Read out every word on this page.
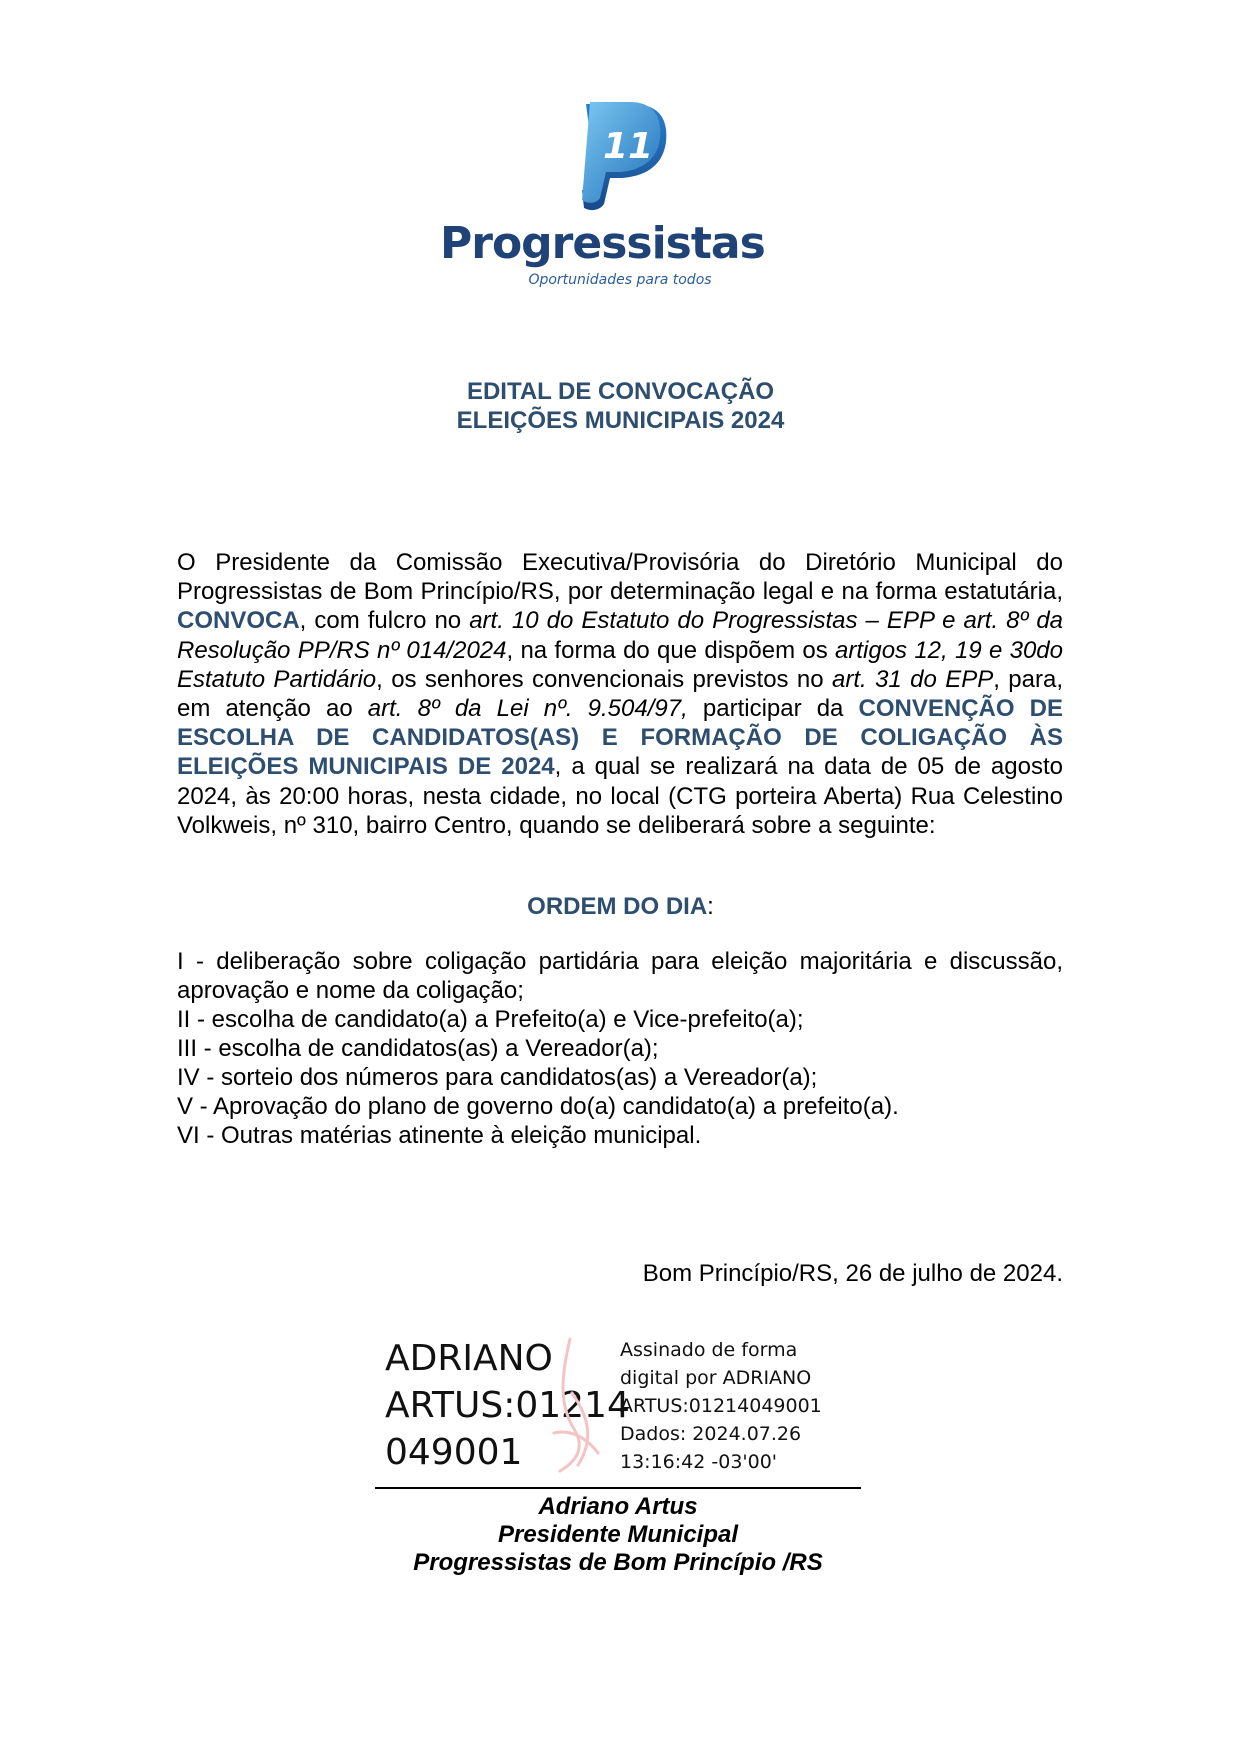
11
Progressistas
Oportunidades para todos
EDITAL DE CONVOCAÇÃO
ELEIÇÕES MUNICIPAIS 2024

O Presidente da Comissão Executiva/Provisória do Diretório Municipal do Progressistas de Bom Princípio/RS, por determinação legal e na forma estatutária, CONVOCA, com fulcro no art. 10 do Estatuto do Progressistas – EPP e art. 8º da Resolução PP/RS nº 014/2024, na forma do que dispõem os artigos 12, 19 e 30do Estatuto Partidário, os senhores convencionais previstos no art. 31 do EPP, para, em atenção ao art. 8º da Lei nº. 9.504/97, participar da CONVENÇÃO DE ESCOLHA DE CANDIDATOS(AS) E FORMAÇÃO DE COLIGAÇÃO ÀS ELEIÇÕES MUNICIPAIS DE 2024, a qual se realizará na data de 05 de agosto 2024, às 20:00 horas, nesta cidade, no local (CTG porteira Aberta) Rua Celestino Volkweis, nº 310, bairro Centro, quando se deliberará sobre a seguinte:

ORDEM DO DIA:
I - deliberação sobre coligação partidária para eleição majoritária e discussão, aprovação e nome da coligação;
II - escolha de candidato(a) a Prefeito(a) e Vice-prefeito(a);
III - escolha de candidatos(as) a Vereador(a);
IV - sorteio dos números para candidatos(as) a Vereador(a);
V - Aprovação do plano de governo do(a) candidato(a) a prefeito(a).
VI - Outras matérias atinente à eleição municipal.
Bom Princípio/RS, 26 de julho de 2024.
ADRIANO
ARTUS:01214
049001
Assinado de forma
digital por ADRIANO
ARTUS:01214049001
Dados: 2024.07.26
13:16:42 -03'00'
Adriano Artus
Presidente Municipal
Progressistas de Bom Princípio /RS
